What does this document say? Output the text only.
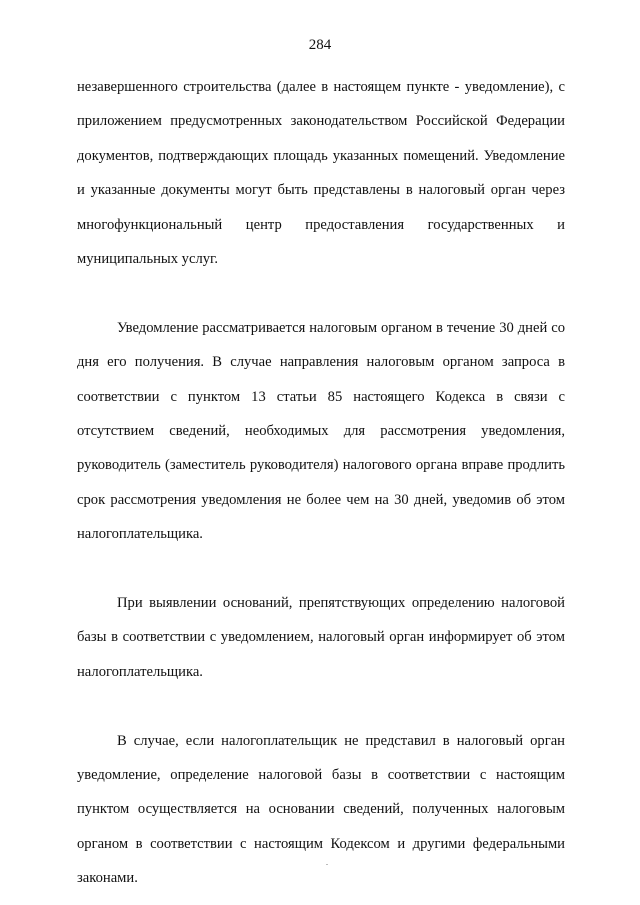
284

незавершенного строительства (далее в настоящем пункте - уведомление), с приложением предусмотренных законодательством Российской Федерации документов, подтверждающих площадь указанных помещений. Уведомление и указанные документы могут быть представлены в налоговый орган через многофункциональный центр предоставления государственных и муниципальных услуг.

Уведомление рассматривается налоговым органом в течение 30 дней со дня его получения. В случае направления налоговым органом запроса в соответствии с пунктом 13 статьи 85 настоящего Кодекса в связи с отсутствием сведений, необходимых для рассмотрения уведомления, руководитель (заместитель руководителя) налогового органа вправе продлить срок рассмотрения уведомления не более чем на 30 дней, уведомив об этом налогоплательщика.

При выявлении оснований, препятствующих определению налоговой базы в соответствии с уведомлением, налоговый орган информирует об этом налогоплательщика.

В случае, если налогоплательщик не представил в налоговый орган уведомление, определение налоговой базы в соответствии с настоящим пунктом осуществляется на основании сведений, полученных налоговым органом в соответствии с настоящим Кодексом и другими федеральными законами.
